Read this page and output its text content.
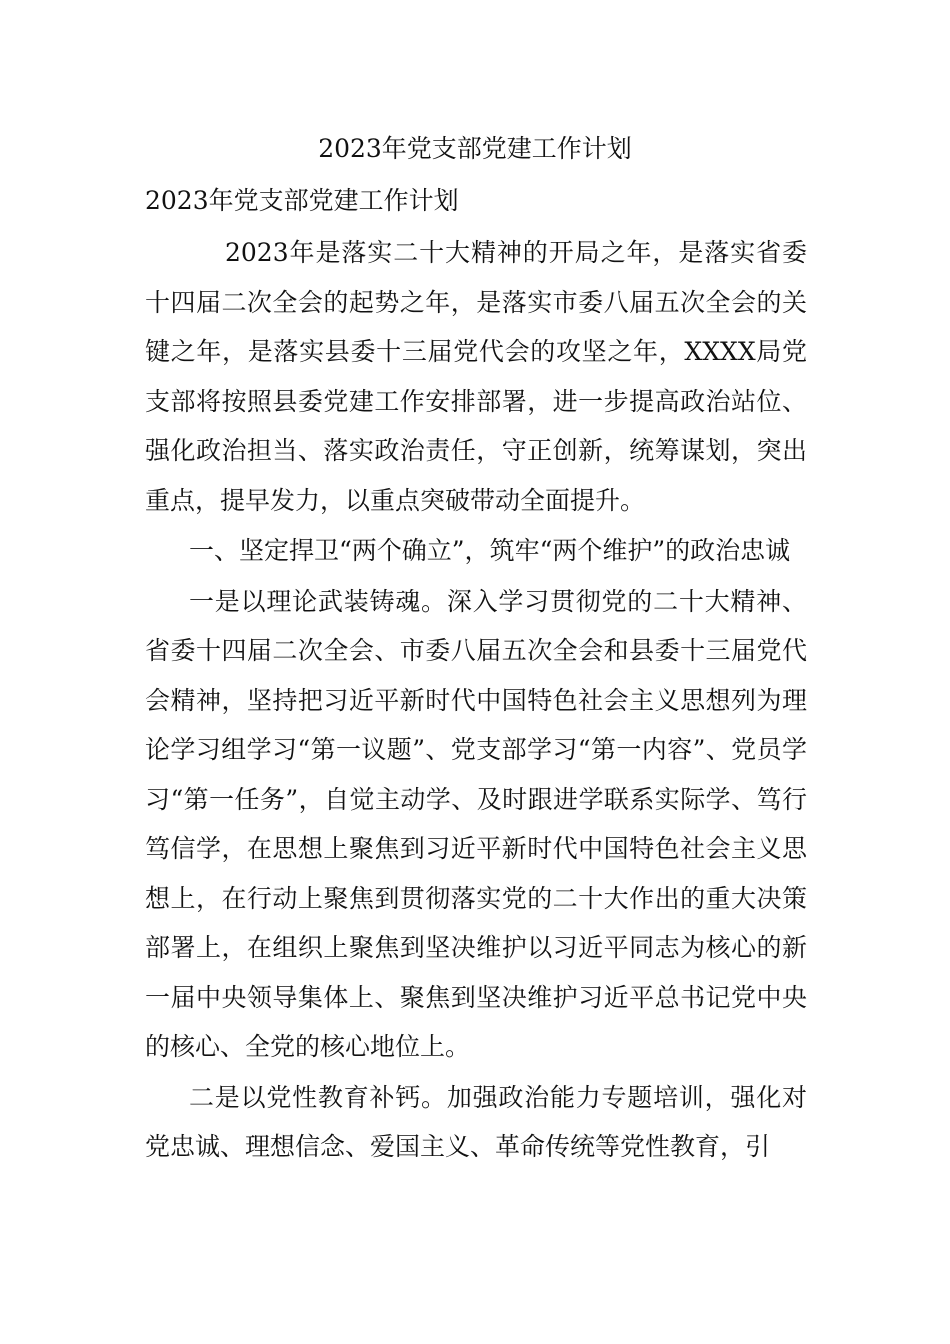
2023年党支部党建工作计划
2023年党支部党建工作计划

2023年是落实二十大精神的开局之年，是落实省委十四届二次全会的起势之年，是落实市委八届五次全会的关键之年，是落实县委十三届党代会的攻坚之年，XXXX局党支部将按照县委党建工作安排部署，进一步提高政治站位、强化政治担当、落实政治责任，守正创新，统筹谋划，突出重点，提早发力，以重点突破带动全面提升。

一、坚定捍卫“两个确立”，筑牢“两个维护”的政治忠诚

一是以理论武装铸魂。深入学习贯彻党的二十大精神、省委十四届二次全会、市委八届五次全会和县委十三届党代会精神，坚持把习近平新时代中国特色社会主义思想列为理论学习组学习“第一议题”、党支部学习“第一内容”、党员学习“第一任务”，自觉主动学、及时跟进学联系实际学、笃行笃信学，在思想上聚焦到习近平新时代中国特色社会主义思想上，在行动上聚焦到贯彻落实党的二十大作出的重大决策部署上，在组织上聚焦到坚决维护以习近平同志为核心的新一届中央领导集体上、聚焦到坚决维护习近平总书记党中央的核心、全党的核心地位上。

二是以党性教育补钙。加强政治能力专题培训，强化对党忠诚、理想信念、爱国主义、革命传统等党性教育，引
